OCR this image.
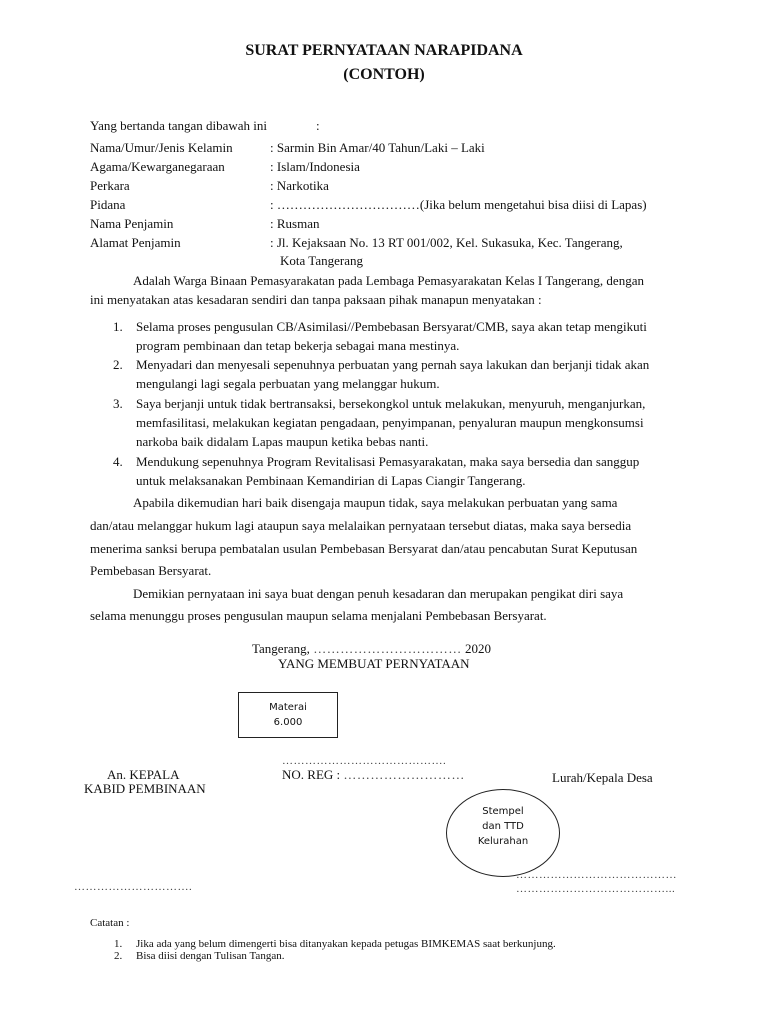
SURAT PERNYATAAN NARAPIDANA
(CONTOH)
Yang bertanda tangan dibawah ini	:
Nama/Umur/Jenis Kelamin	: Sarmin Bin Amar/40 Tahun/Laki – Laki
Agama/Kewarganegaraan	: Islam/Indonesia
Perkara	: Narkotika
Pidana	: ……………………………(Jika belum mengetahui bisa diisi di Lapas)
Nama Penjamin	: Rusman
Alamat Penjamin	: Jl. Kejaksaan No. 13 RT 001/002, Kel. Sukasuka, Kec. Tangerang,
Kota Tangerang
Adalah Warga Binaan Pemasyarakatan pada Lembaga Pemasyarakatan Kelas I Tangerang, dengan
ini menyatakan atas kesadaran sendiri dan tanpa paksaan pihak manapun menyatakan :
1. Selama proses pengusulan CB/Asimilasi//Pembebasan Bersyarat/CMB, saya akan tetap mengikuti
program pembinaan dan tetap bekerja sebagai mana mestinya.
2. Menyadari dan menyesali sepenuhnya perbuatan yang pernah saya lakukan dan berjanji tidak akan
mengulangi lagi segala perbuatan yang melanggar hukum.
3. Saya berjanji untuk tidak bertransaksi, bersekongkol untuk melakukan, menyuruh, menganjurkan,
memfasilitasi, melakukan kegiatan pengadaan, penyimpanan, penyaluran maupun mengkonsumsi
narkoba baik didalam Lapas maupun ketika bebas nanti.
4. Mendukung sepenuhnya Program Revitalisasi Pemasyarakatan, maka saya bersedia dan sanggup
untuk melaksanakan Pembinaan Kemandirian di Lapas Ciangir Tangerang.
Apabila dikemudian hari baik disengaja maupun tidak, saya melakukan perbuatan yang sama
dan/atau melanggar hukum lagi ataupun saya melalaikan pernyataan tersebut diatas, maka saya bersedia
menerima sanksi berupa pembatalan usulan Pembebasan Bersyarat dan/atau pencabutan Surat Keputusan
Pembebasan Bersyarat.
Demikian pernyataan ini saya buat dengan penuh kesadaran dan merupakan pengikat diri saya
selama menunggu proses pengusulan maupun selama menjalani Pembebasan Bersyarat.
Tangerang, …………………………… 2020
YANG MEMBUAT PERNYATAAN
Materai
6.000
…………………………………….
NO. REG : ………………………
An. KEPALA
KABID PEMBINAAN
………………………….
Lurah/Kepala Desa
Stempel
dan TTD
Kelurahan
……………………………………
…………………………………...
Catatan :
1. Jika ada yang belum dimengerti bisa ditanyakan kepada petugas BIMKEMAS saat berkunjung.
2. Bisa diisi dengan Tulisan Tangan.
